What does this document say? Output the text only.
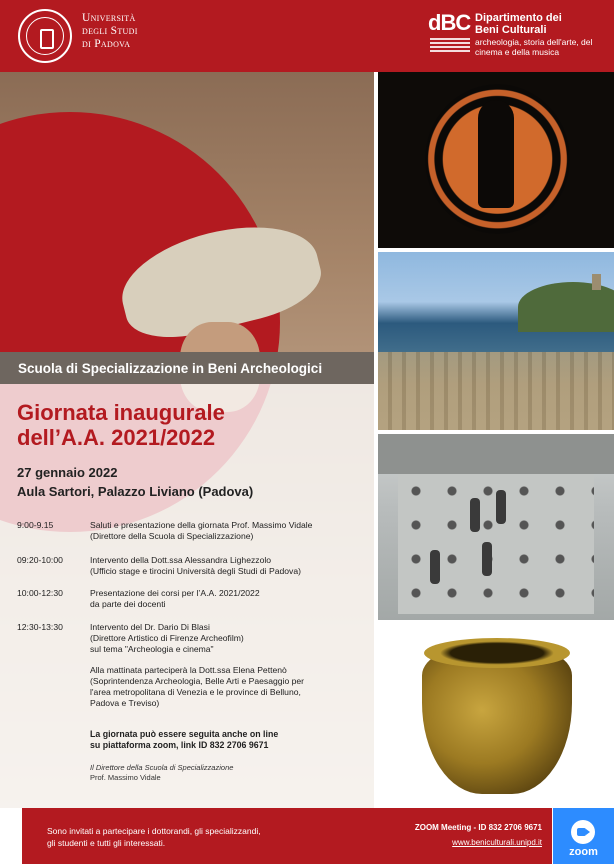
Università
degli Studi
di Padova
dBC Dipartimento dei
Beni Culturali
archeologia, storia dell'arte, del
cinema e della musica
Scuola di Specializzazione in Beni Archeologici
Giornata inaugurale
dell’A.A. 2021/2022
27 gennaio 2022
Aula Sartori, Palazzo Liviano (Padova)
9:00-9.15	Saluti e presentazione della giornata Prof. Massimo Vidale
(Direttore della Scuola di Specializzazione)
09:20-10:00	Intervento della Dott.ssa Alessandra Lighezzolo
(Ufficio stage e tirocini Università degli Studi di Padova)
10:00-12:30	Presentazione dei corsi per l’A.A. 2021/2022
da parte dei docenti
12:30-13:30	Intervento del Dr. Dario Di Blasi
(Direttore Artistico di Firenze Archeofilm)
sul tema "Archeologia e cinema"
Alla mattinata parteciperà la Dott.ssa Elena Pettenò
(Soprintendenza Archeologia, Belle Arti e Paesaggio per
l'area metropolitana di Venezia e le province di Belluno,
Padova e Treviso)
La giornata può essere seguita anche on line
su piattaforma zoom, link ID 832 2706 9671
Il Direttore della Scuola di Specializzazione
Prof. Massimo Vidale
Sono invitati a partecipare i dottorandi, gli specializzandi,
gli studenti e tutti gli interessati.
ZOOM Meeting - ID 832 2706 9671
www.beniculturali.unipd.it
zoom
